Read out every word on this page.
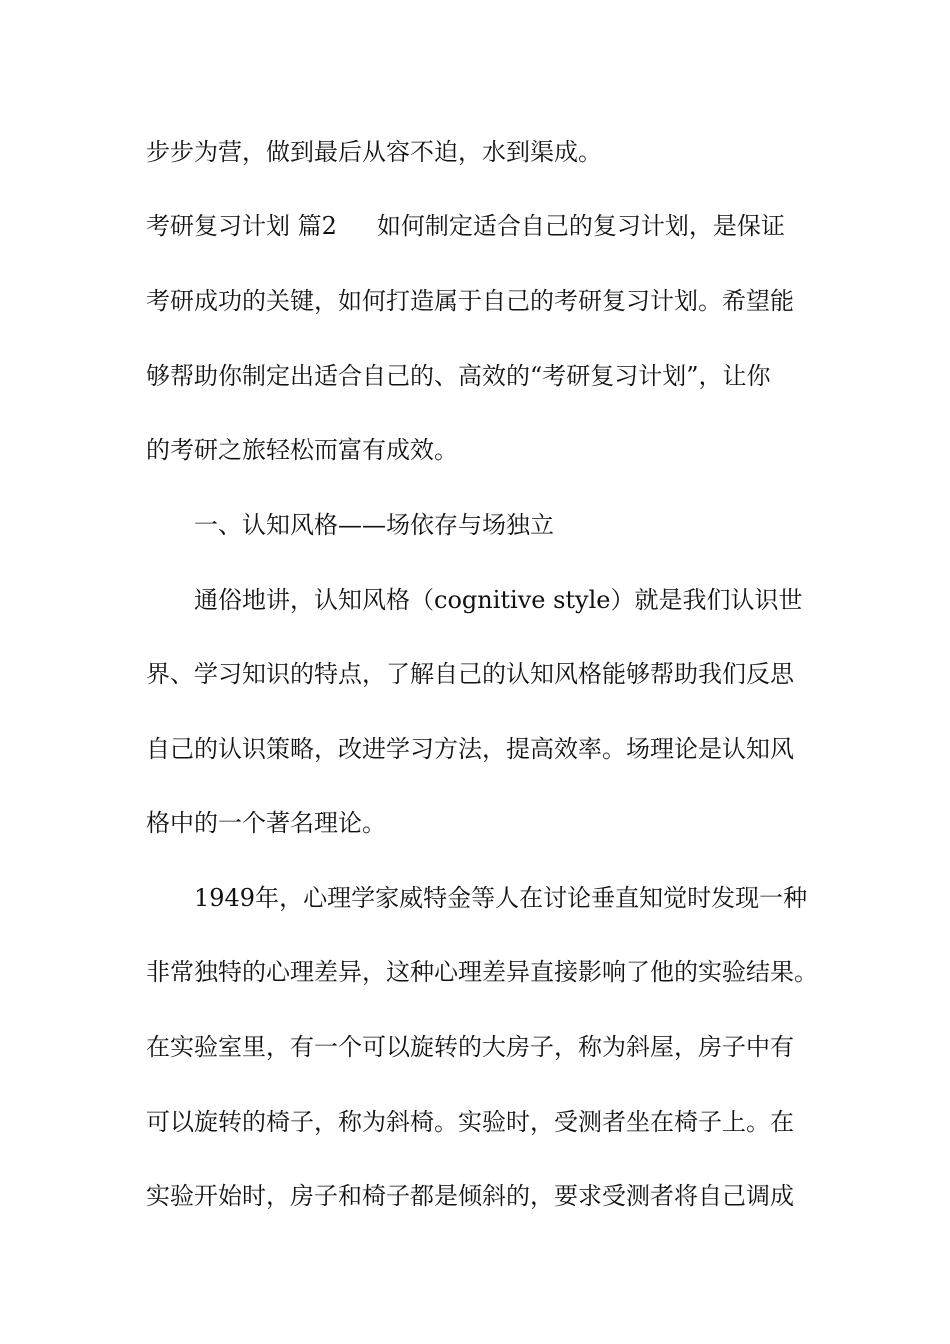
步步为营，做到最后从容不迫，水到渠成。
考研复习计划 篇2 如何制定适合自己的复习计划，是保证
考研成功的关键，如何打造属于自己的考研复习计划。希望能
够帮助你制定出适合自己的、高效的“考研复习计划”，让你
的考研之旅轻松而富有成效。
一、认知风格——场依存与场独立
通俗地讲，认知风格（cognitive style）就是我们认识世
界、学习知识的特点，了解自己的认知风格能够帮助我们反思
自己的认识策略，改进学习方法，提高效率。场理论是认知风
格中的一个著名理论。
1949年，心理学家威特金等人在讨论垂直知觉时发现一种
非常独特的心理差异，这种心理差异直接影响了他的实验结果。
在实验室里，有一个可以旋转的大房子，称为斜屋，房子中有
可以旋转的椅子，称为斜椅。实验时，受测者坐在椅子上。在
实验开始时，房子和椅子都是倾斜的，要求受测者将自己调成
